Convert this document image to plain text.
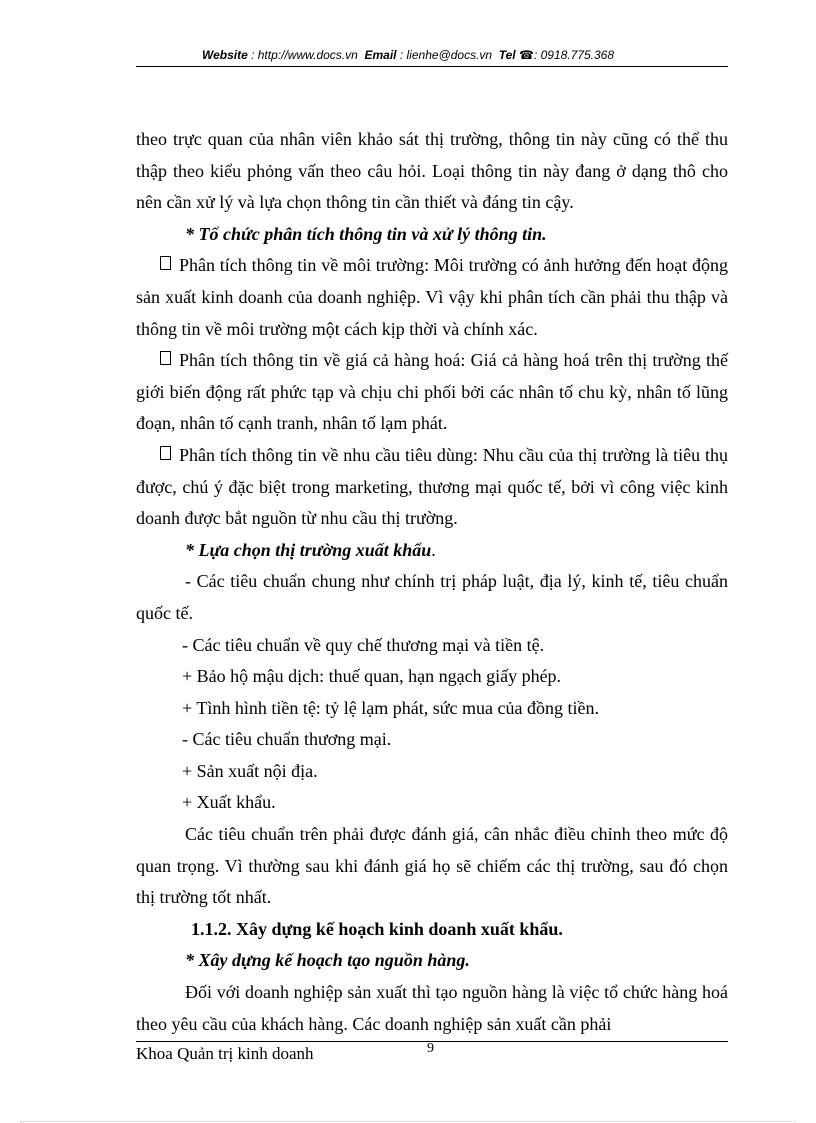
Website : http://www.docs.vn Email : lienhe@docs.vn Tel ☎: 0918.775.368

theo trực quan của nhân viên khảo sát thị trường, thông tin này cũng có thể thu thập theo kiểu phỏng vấn theo câu hỏi. Loại thông tin này đang ở dạng thô cho nên cần xử lý và lựa chọn thông tin cần thiết và đáng tin cậy.

* Tổ chức phân tích thông tin và xử lý thông tin.

Phân tích thông tin về môi trường: Môi trường có ảnh hưởng đến hoạt động sản xuất kinh doanh của doanh nghiệp. Vì vậy khi phân tích cần phải thu thập và thông tin về môi trường một cách kịp thời và chính xác.

Phân tích thông tin về giá cả hàng hoá: Giá cả hàng hoá trên thị trường thế giới biến động rất phức tạp và chịu chi phối bởi các nhân tố chu kỳ, nhân tố lũng đoạn, nhân tố cạnh tranh, nhân tố lạm phát.

Phân tích thông tin về nhu cầu tiêu dùng: Nhu cầu của thị trường là tiêu thụ được, chú ý đặc biệt trong marketing, thương mại quốc tế, bởi vì công việc kinh doanh được bắt nguồn từ nhu cầu thị trường.

* Lựa chọn thị trường xuất khẩu.

- Các tiêu chuẩn chung như chính trị pháp luật, địa lý, kinh tế, tiêu chuẩn quốc tế.

- Các tiêu chuẩn về quy chế thương mại và tiền tệ.

+ Bảo hộ mậu dịch: thuế quan, hạn ngạch giấy phép.

+ Tình hình tiền tệ: tỷ lệ lạm phát, sức mua của đồng tiền.

- Các tiêu chuẩn thương mại.

+ Sản xuất nội địa.

+ Xuất khẩu.

Các tiêu chuẩn trên phải được đánh giá, cân nhắc điều chỉnh theo mức độ quan trọng. Vì thường sau khi đánh giá họ sẽ chiếm các thị trường, sau đó chọn thị trường tốt nhất.

1.1.2. Xây dựng kế hoạch kinh doanh xuất khẩu.

* Xây dựng kế hoạch tạo nguồn hàng.

Đối với doanh nghiệp sản xuất thì tạo nguồn hàng là việc tổ chức hàng hoá theo yêu cầu của khách hàng. Các doanh nghiệp sản xuất cần phải

Khoa Quản trị kinh doanh	9
